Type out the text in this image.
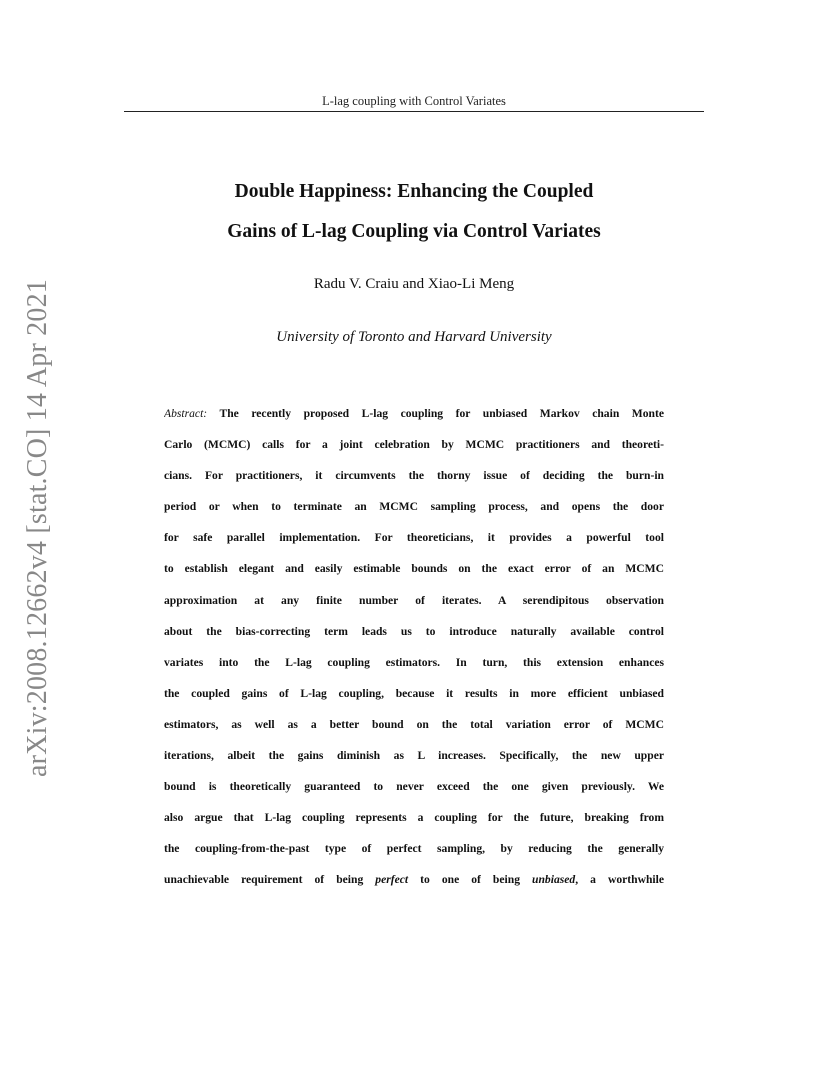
L-lag coupling with Control Variates
Double Happiness: Enhancing the Coupled
Gains of L-lag Coupling via Control Variates
Radu V. Craiu and Xiao-Li Meng
University of Toronto and Harvard University
Abstract: The recently proposed L-lag coupling for unbiased Markov chain Monte
Carlo (MCMC) calls for a joint celebration by MCMC practitioners and theoreti-
cians. For practitioners, it circumvents the thorny issue of deciding the burn-in
period or when to terminate an MCMC sampling process, and opens the door
for safe parallel implementation. For theoreticians, it provides a powerful tool
to establish elegant and easily estimable bounds on the exact error of an MCMC
approximation at any finite number of iterates. A serendipitous observation
about the bias-correcting term leads us to introduce naturally available control
variates into the L-lag coupling estimators. In turn, this extension enhances
the coupled gains of L-lag coupling, because it results in more efficient unbiased
estimators, as well as a better bound on the total variation error of MCMC
iterations, albeit the gains diminish as L increases. Specifically, the new upper
bound is theoretically guaranteed to never exceed the one given previously. We
also argue that L-lag coupling represents a coupling for the future, breaking from
the coupling-from-the-past type of perfect sampling, by reducing the generally
unachievable requirement of being perfect to one of being unbiased, a worthwhile
arXiv:2008.12662v4 [stat.CO] 14 Apr 2021
